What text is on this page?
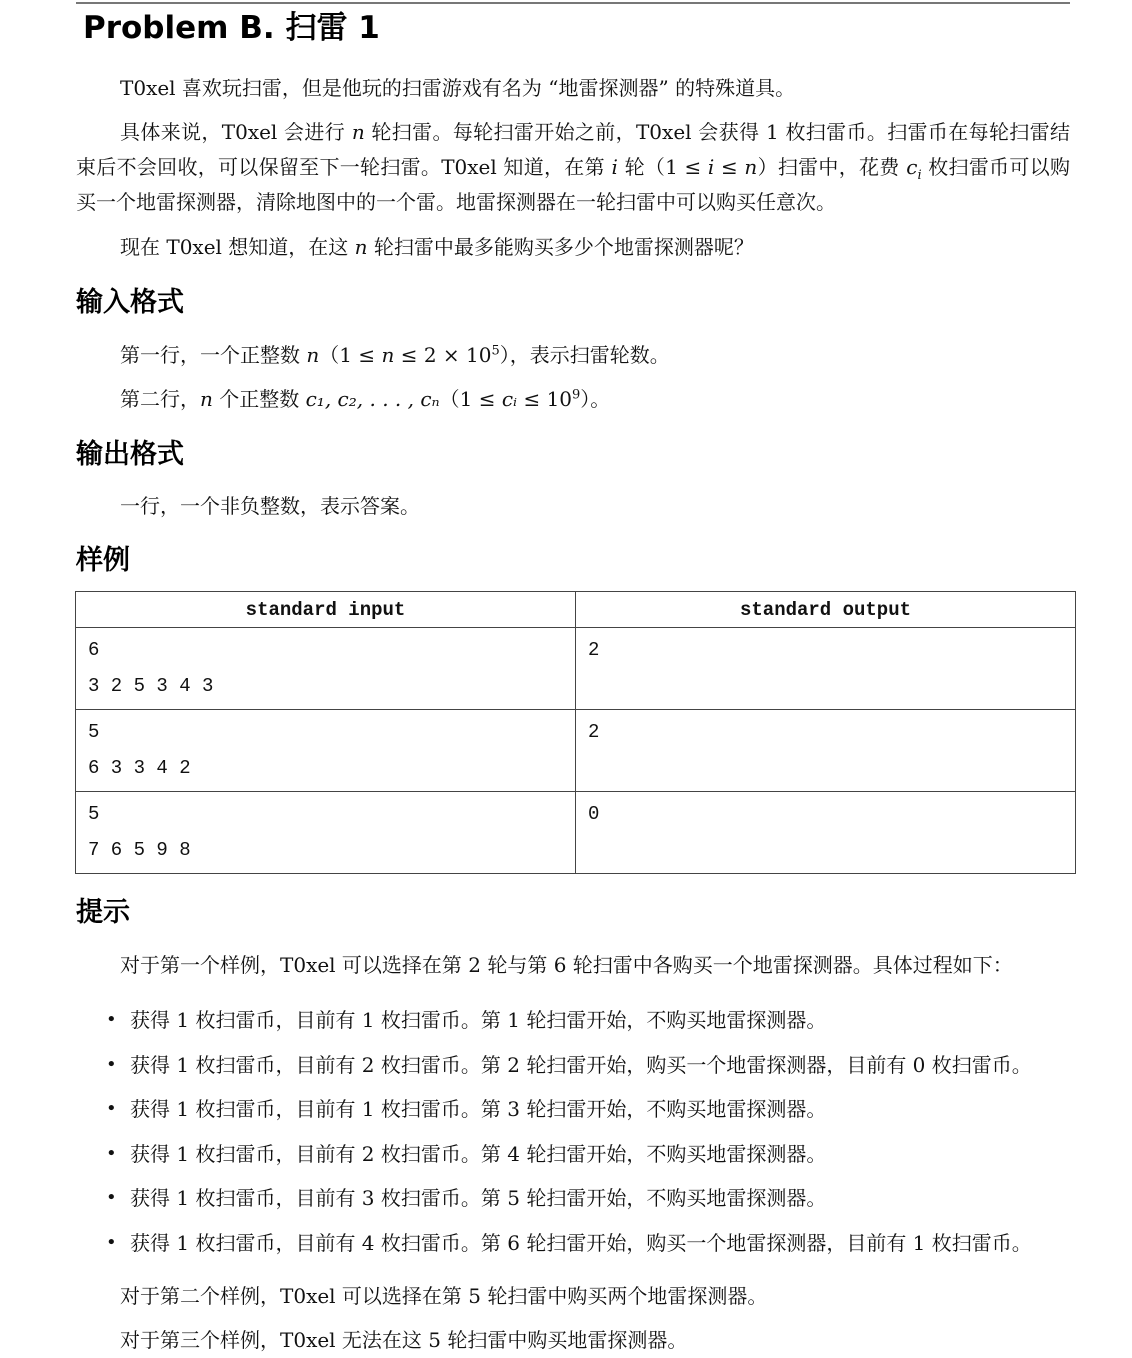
Problem B. 扫雷 1

T0xel 喜欢玩扫雷，但是他玩的扫雷游戏有名为 “地雷探测器” 的特殊道具。

具体来说，T0xel 会进行 n 轮扫雷。每轮扫雷开始之前，T0xel 会获得 1 枚扫雷币。扫雷币在每轮扫雷结束后不会回收，可以保留至下一轮扫雷。T0xel 知道，在第 i 轮（1 ≤ i ≤ n）扫雷中，花费 $c_i$ 枚扫雷币可以购买一个地雷探测器，清除地图中的一个雷。地雷探测器在一轮扫雷中可以购买任意次。

现在 T0xel 想知道，在这 n 轮扫雷中最多能购买多少个地雷探测器呢？

输入格式

第一行，一个正整数 $n(1 \le n \le 2 \times 10^5)$，表示扫雷轮数。

第二行，n 个正整数 c₁, c₂, . . . , cₙ（1 ≤ cᵢ ≤ $10^9$）。

输出格式

一行，一个非负整数，表示答案。

样例
standard input	standard output

6
3 2 5 3 4 3	2

5
6 3 3 4 2	2

5
7 6 5 9 8	0
提示

对于第一个样例，T0xel 可以选择在第 2 轮与第 6 轮扫雷中各购买一个地雷探测器。具体过程如下：

• 获得 1 枚扫雷币，目前有 1 枚扫雷币。第 1 轮扫雷开始，不购买地雷探测器。
• 获得 1 枚扫雷币，目前有 2 枚扫雷币。第 2 轮扫雷开始，购买一个地雷探测器，目前有 0 枚扫雷币。
• 获得 1 枚扫雷币，目前有 1 枚扫雷币。第 3 轮扫雷开始，不购买地雷探测器。
• 获得 1 枚扫雷币，目前有 2 枚扫雷币。第 4 轮扫雷开始，不购买地雷探测器。
• 获得 1 枚扫雷币，目前有 3 枚扫雷币。第 5 轮扫雷开始，不购买地雷探测器。
• 获得 1 枚扫雷币，目前有 4 枚扫雷币。第 6 轮扫雷开始，购买一个地雷探测器，目前有 1 枚扫雷币。

对于第二个样例，T0xel 可以选择在第 5 轮扫雷中购买两个地雷探测器。

对于第三个样例，T0xel 无法在这 5 轮扫雷中购买地雷探测器。
